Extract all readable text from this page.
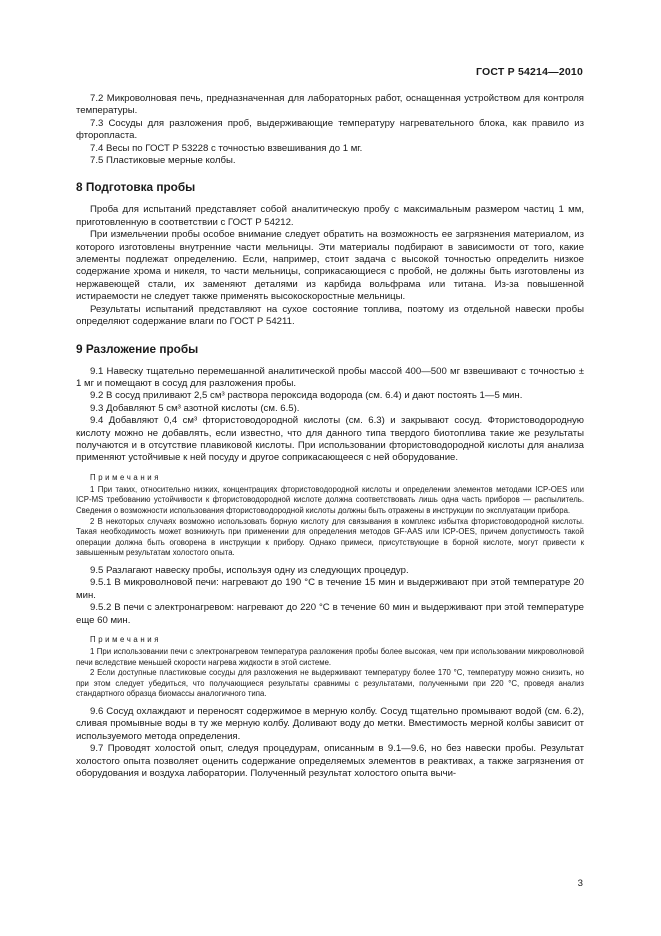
ГОСТ Р 54214—2010

7.2 Микроволновая печь, предназначенная для лабораторных работ, оснащенная устройством для контроля температуры.

7.3 Сосуды для разложения проб, выдерживающие температуру нагревательного блока, как правило из фторопласта.

7.4 Весы по ГОСТ Р 53228 с точностью взвешивания до 1 мг.

7.5 Пластиковые мерные колбы.

8 Подготовка пробы

Проба для испытаний представляет собой аналитическую пробу с максимальным размером частиц 1 мм, приготовленную в соответствии с ГОСТ Р 54212.

При измельчении пробы особое внимание следует обратить на возможность ее загрязнения материалом, из которого изготовлены внутренние части мельницы. Эти материалы подбирают в зависимости от того, какие элементы подлежат определению. Если, например, стоит задача с высокой точностью определить низкое содержание хрома и никеля, то части мельницы, соприкасающиеся с пробой, не должны быть изготовлены из нержавеющей стали, их заменяют деталями из карбида вольфрама или титана. Из-за повышенной истираемости не следует также применять высокоскоростные мельницы.

Результаты испытаний представляют на сухое состояние топлива, поэтому из отдельной навески пробы определяют содержание влаги по ГОСТ Р 54211.

9 Разложение пробы

9.1 Навеску тщательно перемешанной аналитической пробы массой 400—500 мг взвешивают с точностью ± 1 мг и помещают в сосуд для разложения пробы.

9.2 В сосуд приливают 2,5 см³ раствора пероксида водорода (см. 6.4) и дают постоять 1—5 мин.

9.3 Добавляют 5 см³ азотной кислоты (см. 6.5).

9.4 Добавляют 0,4 см³ фтористоводородной кислоты (см. 6.3) и закрывают сосуд. Фтористоводородную кислоту можно не добавлять, если известно, что для данного типа твердого биотоплива такие же результаты получаются и в отсутствие плавиковой кислоты. При использовании фтористоводородной кислоты для анализа применяют устойчивые к ней посуду и другое соприкасающееся с ней оборудование.

Примечания

1 При таких, относительно низких, концентрациях фтористоводородной кислоты и определении элементов методами ICP-OES или ICP-MS требованию устойчивости к фтористоводородной кислоте должна соответствовать лишь одна часть приборов — распылитель. Сведения о возможности использования фтористоводородной кислоты должны быть отражены в инструкции по эксплуатации прибора.

2 В некоторых случаях возможно использовать борную кислоту для связывания в комплекс избытка фтористоводородной кислоты. Такая необходимость может возникнуть при применении для определения методов GF-AAS или ICP-OES, причем допустимость такой операции должна быть оговорена в инструкции к прибору. Однако примеси, присутствующие в борной кислоте, могут привести к завышенным результатам холостого опыта.

9.5 Разлагают навеску пробы, используя одну из следующих процедур.

9.5.1 В микроволновой печи: нагревают до 190 °С в течение 15 мин и выдерживают при этой температуре 20 мин.

9.5.2 В печи с электронагревом: нагревают до 220 °С в течение 60 мин и выдерживают при этой температуре еще 60 мин.

Примечания

1 При использовании печи с электронагревом температура разложения пробы более высокая, чем при использовании микроволновой печи вследствие меньшей скорости нагрева жидкости в этой системе.

2 Если доступные пластиковые сосуды для разложения не выдерживают температуру более 170 °С, температуру можно снизить, но при этом следует убедиться, что получающиеся результаты сравнимы с результатами, полученными при 220 °С, проведя анализ стандартного образца биомассы аналогичного типа.

9.6 Сосуд охлаждают и переносят содержимое в мерную колбу. Сосуд тщательно промывают водой (см. 6.2), сливая промывные воды в ту же мерную колбу. Доливают воду до метки. Вместимость мерной колбы зависит от используемого метода определения.

9.7 Проводят холостой опыт, следуя процедурам, описанным в 9.1—9.6, но без навески пробы. Результат холостого опыта позволяет оценить содержание определяемых элементов в реактивах, а также загрязнения от оборудования и воздуха лаборатории. Полученный результат холостого опыта вычи-

3
